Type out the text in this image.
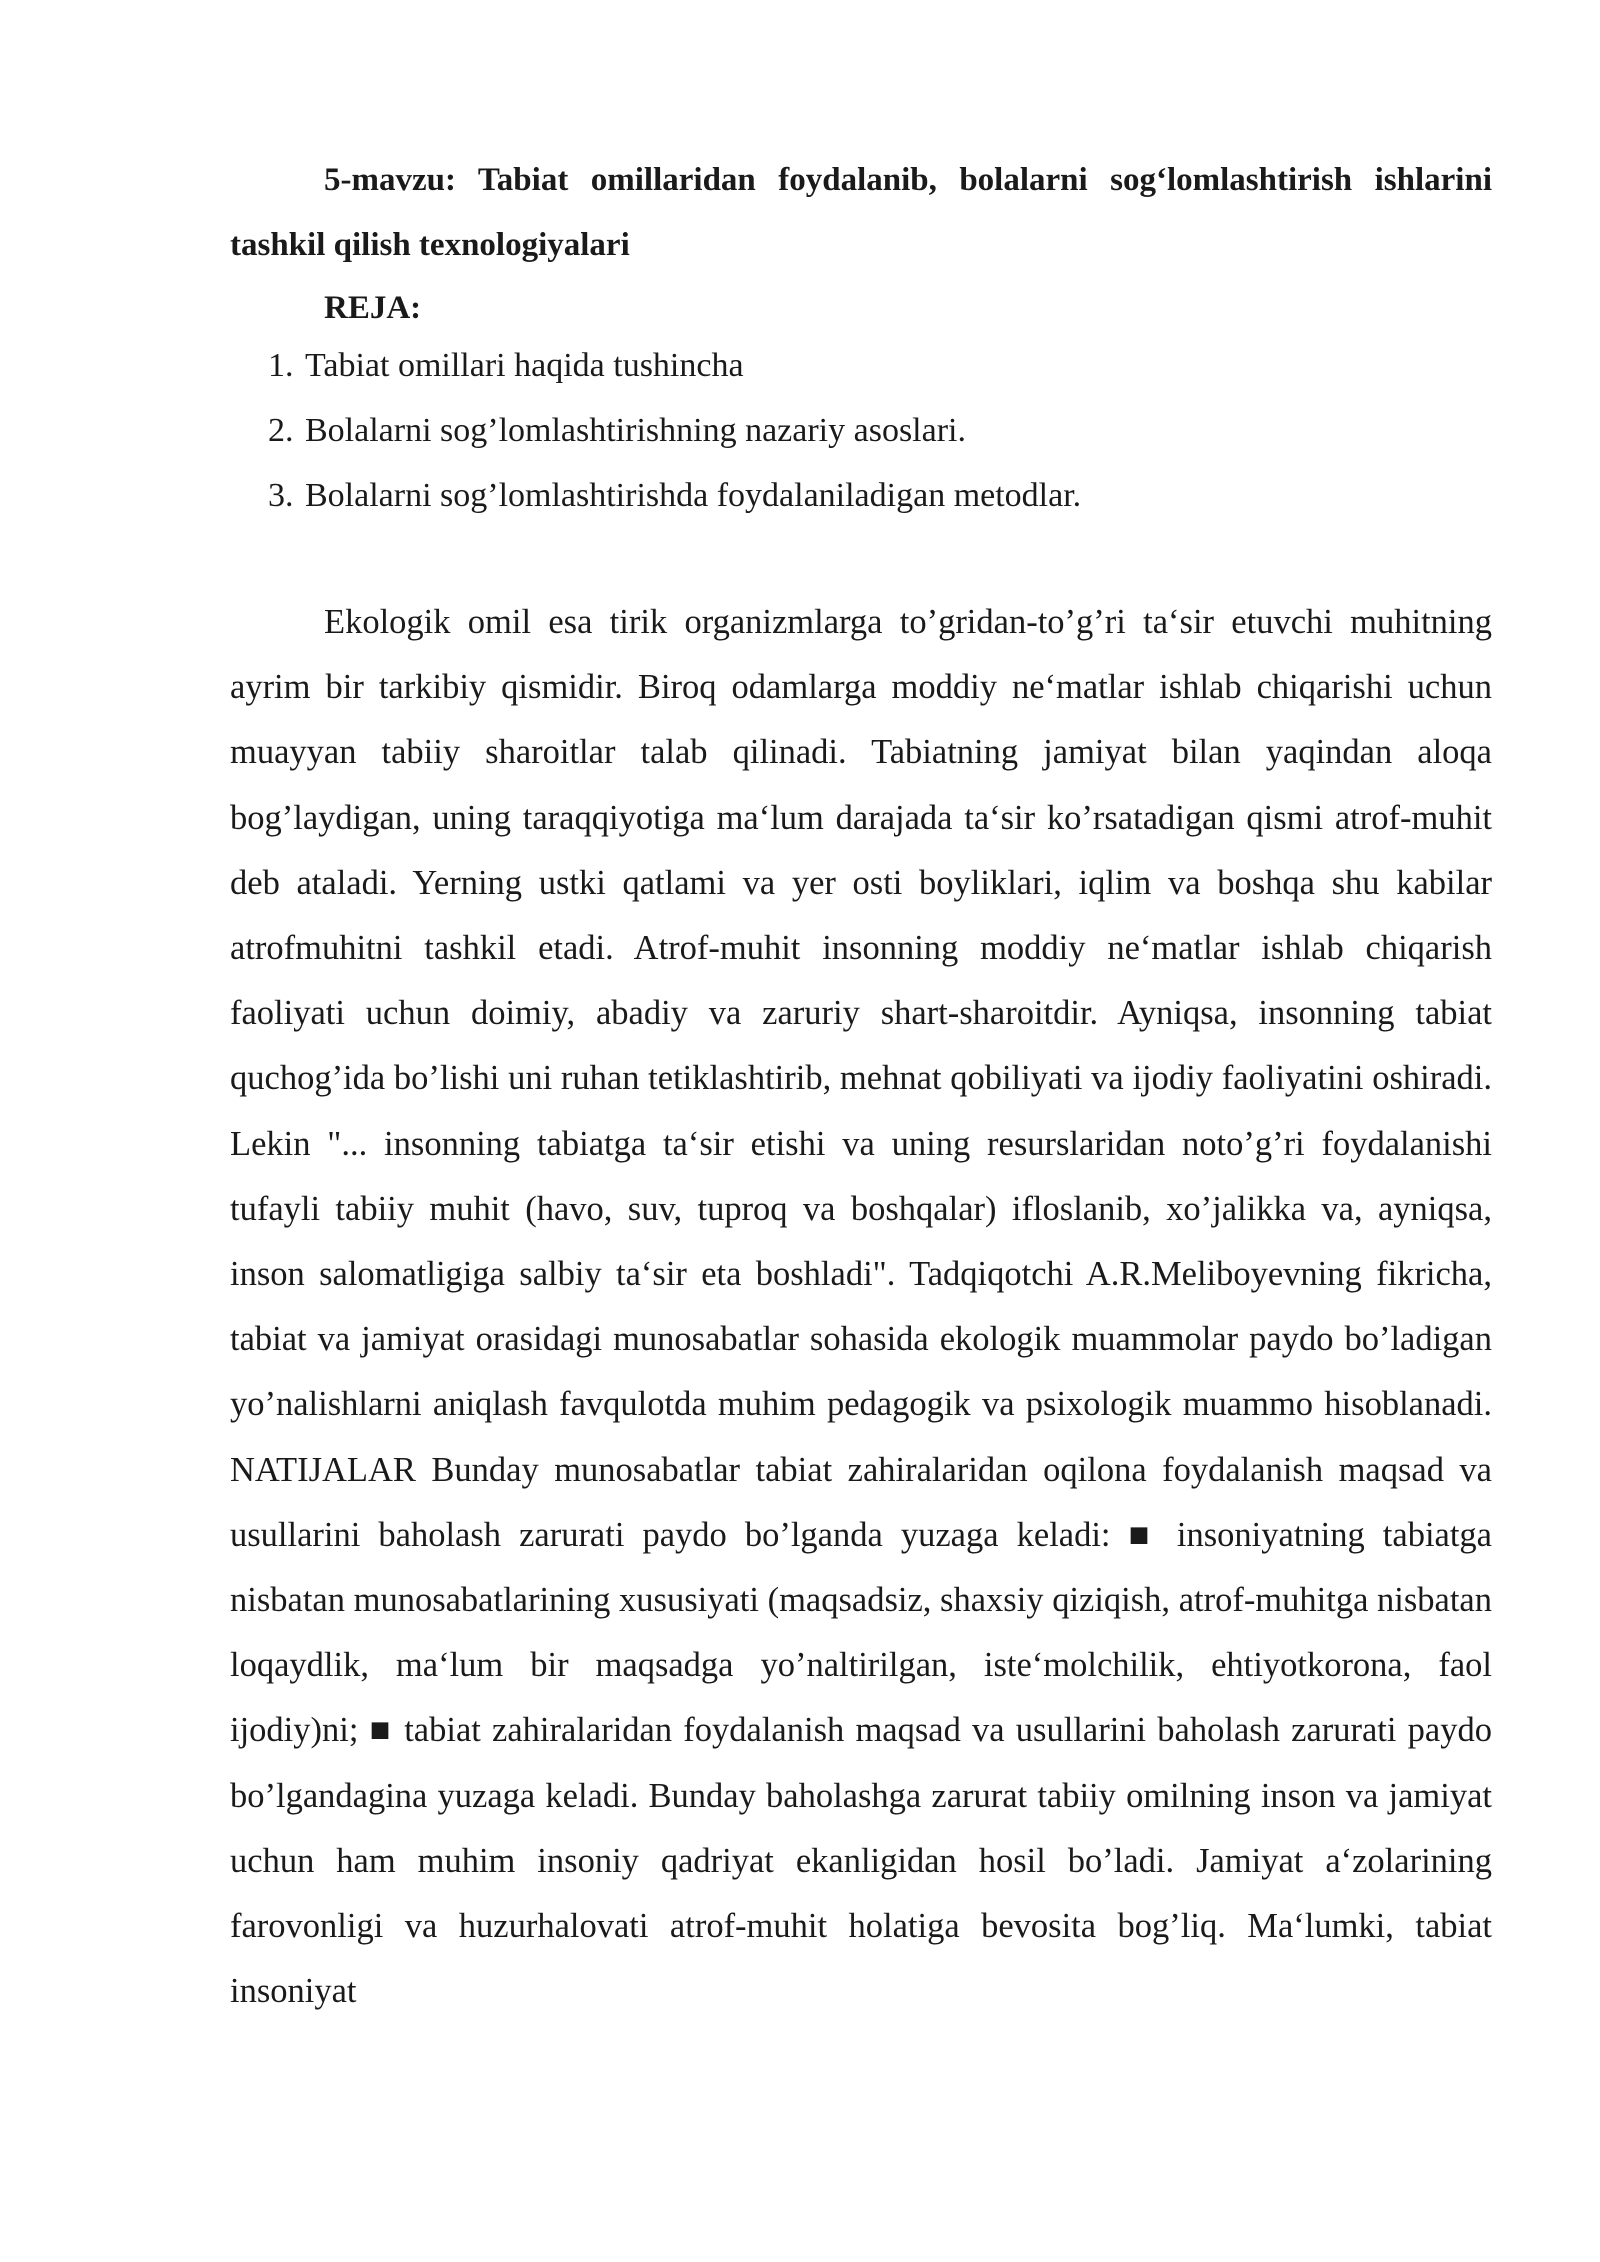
5-mavzu: Tabiat omillaridan foydalanib, bolalarni sog‘lomlashtirish ishlarini tashkil qilish texnologiyalari
REJA:
1. Tabiat omillari haqida tushincha
2. Bolalarni sog’lomlashtirishning nazariy asoslari.
3. Bolalarni sog’lomlashtirishda foydalaniladigan metodlar.

Ekologik omil esa tirik organizmlarga to’gridan-to’g’ri ta‘sir etuvchi muhitning ayrim bir tarkibiy qismidir. Biroq odamlarga moddiy ne‘matlar ishlab chiqarishi uchun muayyan tabiiy sharoitlar talab qilinadi. Tabiatning jamiyat bilan yaqindan aloqa bog’laydigan, uning taraqqiyotiga ma‘lum darajada ta‘sir ko’rsatadigan qismi atrof-muhit deb ataladi. Yerning ustki qatlami va yer osti boyliklari, iqlim va boshqa shu kabilar atrofmuhitni tashkil etadi. Atrof-muhit insonning moddiy ne‘matlar ishlab chiqarish faoliyati uchun doimiy, abadiy va zaruriy shart-sharoitdir. Ayniqsa, insonning tabiat quchog’ida bo’lishi uni ruhan tetiklashtirib, mehnat qobiliyati va ijodiy faoliyatini oshiradi. Lekin "... insonning tabiatga ta‘sir etishi va uning resurslaridan noto’g’ri foydalanishi tufayli tabiiy muhit (havo, suv, tuproq va boshqalar) ifloslanib, xo’jalikka va, ayniqsa, inson salomatligiga salbiy ta‘sir eta boshladi". Tadqiqotchi A.R.Meliboyevning fikricha, tabiat va jamiyat orasidagi munosabatlar sohasida ekologik muammolar paydo bo’ladigan yo’nalishlarni aniqlash favqulotda muhim pedagogik va psixologik muammo hisoblanadi. NATIJALAR Bunday munosabatlar tabiat zahiralaridan oqilona foydalanish maqsad va usullarini baholash zarurati paydo bo’lganda yuzaga keladi: ■ insoniyatning tabiatga nisbatan munosabatlarining xususiyati (maqsadsiz, shaxsiy qiziqish, atrof-muhitga nisbatan loqaydlik, ma‘lum bir maqsadga yo’naltirilgan, iste‘molchilik, ehtiyotkorona, faol ijodiy)ni; ■ tabiat zahiralaridan foydalanish maqsad va usullarini baholash zarurati paydo bo’lgandagina yuzaga keladi. Bunday baholashga zarurat tabiiy omilning inson va jamiyat uchun ham muhim insoniy qadriyat ekanligidan hosil bo’ladi. Jamiyat a‘zolarining farovonligi va huzurhalovati atrof-muhit holatiga bevosita bog’liq. Ma‘lumki, tabiat insoniyat
